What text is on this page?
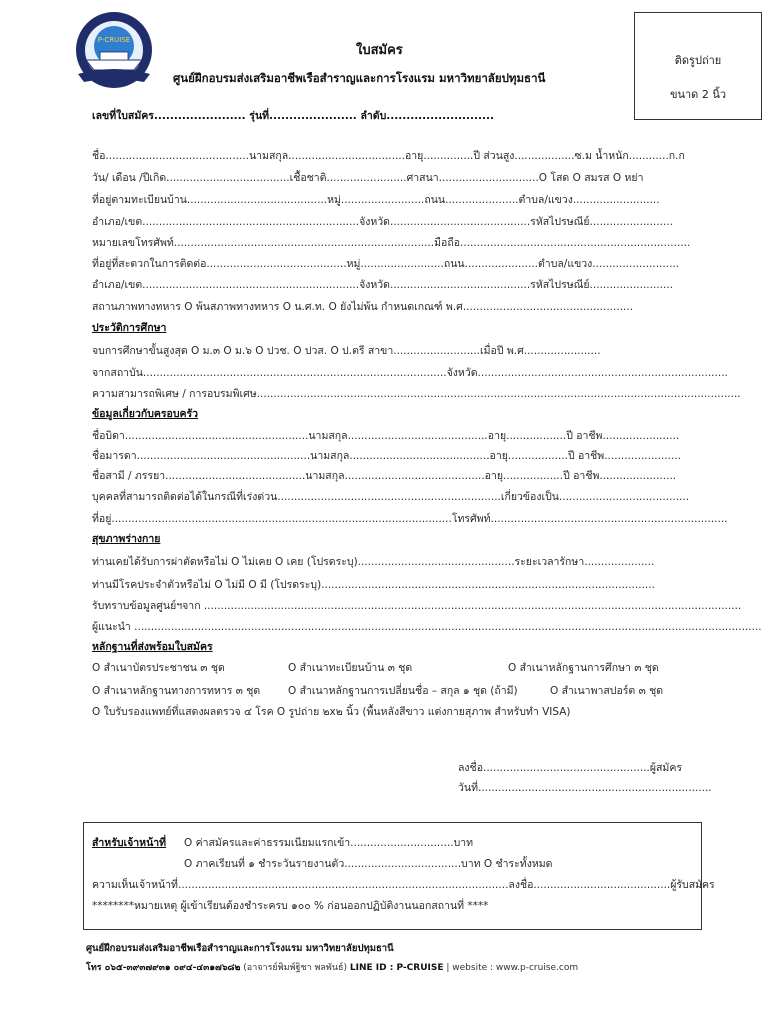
P-CRUISE
ใบสมัคร
ศูนย์ฝึกอบรมส่งเสริมอาชีพเรือสำราญและการโรงแรม มหาวิทยาลัยปทุมธานี
ติดรูปถ่าย
ขนาด 2 นิ้ว
เลขที่ใบสมัคร....................... รุ่นที่...................... ลำดับ...........................
ชื่อ...........................................นามสกุล...................................อายุ...............ปี ส่วนสูง..................ซ.ม น้ำหนัก............ก.ก
วัน/ เดือน /ปีเกิด.....................................เชื้อชาติ........................ศาสนา..............................O โสด O สมรส O หย่า
ที่อยู่ตามทะเบียนบ้าน..........................................หมู่.........................ถนน......................ตำบล/แขวง..........................
อำเภอ/เขต.................................................................จังหวัด..........................................รหัสไปรษณีย์.........................
หมายเลขโทรศัพท์..............................................................................มือถือ.....................................................................
ที่อยู่ที่สะดวกในการติดต่อ..........................................หมู่.........................ถนน......................ตำบล/แขวง..........................
อำเภอ/เขต.................................................................จังหวัด..........................................รหัสไปรษณีย์.........................
สถานภาพทางทหาร O พ้นสภาพทางทหาร O น.ศ.ท. O ยังไม่พ้น กำหนดเกณฑ์ พ.ศ...................................................
ประวัติการศึกษา
จบการศึกษาขั้นสูงสุด O ม.๓ O ม.๖ O ปวช. O ปวส. O ป.ตรี สาขา..........................เมื่อปี พ.ศ.......................
จากสถาบัน...........................................................................................จังหวัด...........................................................................
ความสามารถพิเศษ / การอบรมพิเศษ.................................................................................................................................................
ข้อมูลเกี่ยวกับครอบครัว
ชื่อบิดา.......................................................นามสกุล..........................................อายุ..................ปี อาชีพ.......................
ชื่อมารดา....................................................นามสกุล..........................................อายุ..................ปี อาชีพ.......................
ชื่อสามี / ภรรยา..........................................นามสกุล..........................................อายุ..................ปี อาชีพ.......................
บุคคลที่สามารถติดต่อได้ในกรณีที่เร่งด่วน...................................................................เกี่ยวข้องเป็น.......................................
ที่อยู่......................................................................................................โทรศัพท์.......................................................................
สุขภาพร่างกาย
ท่านเคยได้รับการผ่าตัดหรือไม่ O ไม่เคย O เคย (โปรดระบุ)...............................................ระยะเวลารักษา.....................
ท่านมีโรคประจำตัวหรือไม่ O ไม่มี O มี (โปรดระบุ)....................................................................................................
รับทราบข้อมูลศูนย์ฯจาก .................................................................................................................................................................
ผู้แนะนำ ............................................................................................................................................................................................
หลักฐานที่ส่งพร้อมใบสมัคร
O สำเนาบัตรประชาชน ๓ ชุด	O สำเนาทะเบียนบ้าน ๓ ชุด	O สำเนาหลักฐานการศึกษา ๓ ชุด
O สำเนาหลักฐานทางการทหาร ๓ ชุด	O สำเนาหลักฐานการเปลี่ยนชื่อ – สกุล ๑ ชุด (ถ้ามี)	O สำเนาพาสปอร์ต ๓ ชุด
O ใบรับรองแพทย์ที่แสดงผลตรวจ ๔ โรค O รูปถ่าย ๒x๒ นิ้ว (พื้นหลังสีขาว แต่งกายสุภาพ สำหรับทำ VISA)
ลงชื่อ..................................................ผู้สมัคร
วันที่......................................................................
สำหรับเจ้าหน้าที่ O ค่าสมัครและค่าธรรมเนียมแรกเข้า...............................บาท
O ภาคเรียนที่ ๑ ชำระวันรายงานตัว...................................บาท O ชำระทั้งหมด
ความเห็นเจ้าหน้าที่...................................................................................................ลงชื่อ.........................................ผู้รับสมัคร
********หมายเหตุ ผู้เข้าเรียนต้องชำระครบ ๑๐๐ % ก่อนออกปฏิบัติงานนอกสถานที่ ****
ศูนย์ฝึกอบรมส่งเสริมอาชีพเรือสำราญและการโรงแรม มหาวิทยาลัยปทุมธานี
โทร ๐๖๕-๓๙๓๗๙๓๑ ๐๙๔-๔๓๑๗๖๘๒ (อาจารย์พิมพ์ฐิชา พลพันธ์) LINE ID : P-CRUISE | website : www.p-cruise.com
